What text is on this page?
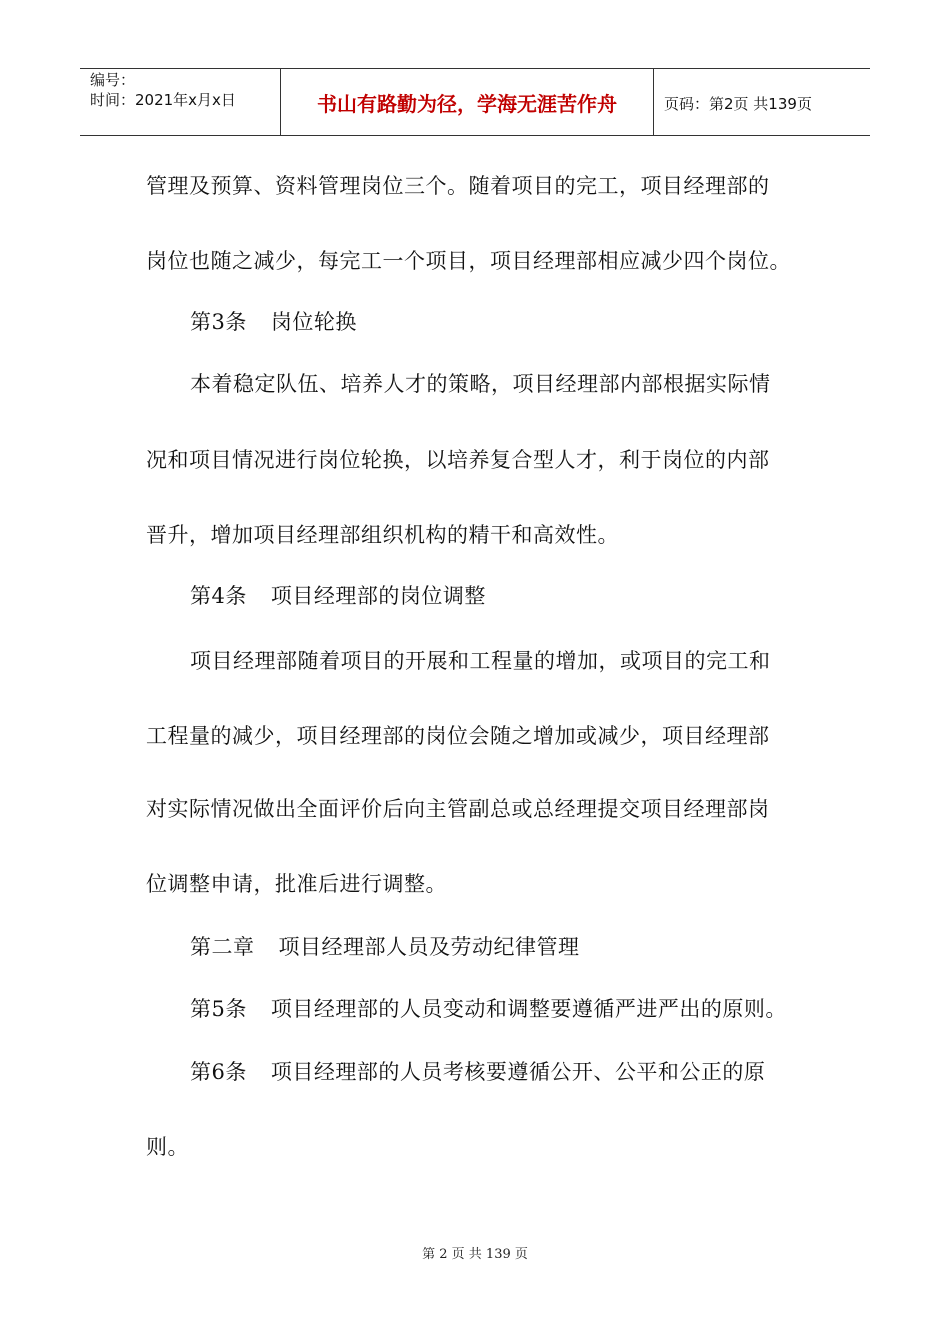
编号：
时间：2021年x月x日	书山有路勤为径，学海无涯苦作舟	页码：第2页 共139页
管理及预算、资料管理岗位三个。随着项目的完工，项目经理部的
岗位也随之减少，每完工一个项目，项目经理部相应减少四个岗位。
第3条 岗位轮换
本着稳定队伍、培养人才的策略，项目经理部内部根据实际情
况和项目情况进行岗位轮换，以培养复合型人才，利于岗位的内部
晋升，增加项目经理部组织机构的精干和高效性。
第4条 项目经理部的岗位调整
项目经理部随着项目的开展和工程量的增加，或项目的完工和
工程量的减少，项目经理部的岗位会随之增加或减少，项目经理部
对实际情况做出全面评价后向主管副总或总经理提交项目经理部岗
位调整申请，批准后进行调整。
第二章 项目经理部人员及劳动纪律管理
第5条 项目经理部的人员变动和调整要遵循严进严出的原则。
第6条 项目经理部的人员考核要遵循公开、公平和公正的原
则。
第 2 页 共 139 页
